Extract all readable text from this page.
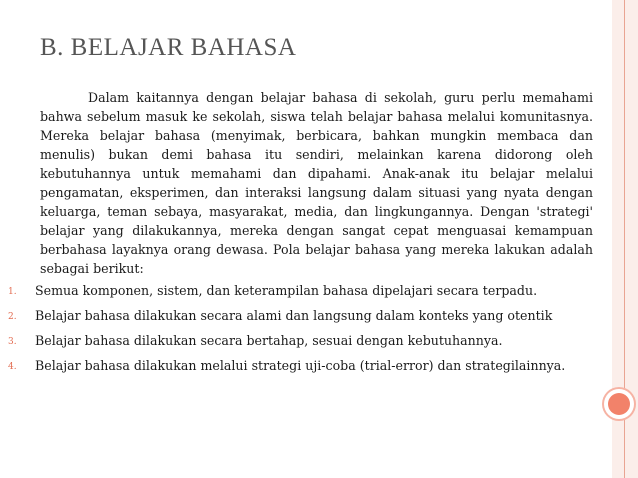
B. BELAJAR BAHASA

Dalam kaitannya dengan belajar bahasa di sekolah, guru perlu memahami bahwa sebelum masuk ke sekolah, siswa telah belajar bahasa melalui komunitasnya. Mereka belajar bahasa (menyimak, berbicara, bahkan mungkin membaca dan menulis) bukan demi bahasa itu sendiri, melainkan karena didorong oleh kebutuhannya untuk memahami dan dipahami. Anak-anak itu belajar melalui pengamatan, eksperimen, dan interaksi langsung dalam situasi yang nyata dengan keluarga, teman sebaya, masyarakat, media, dan lingkungannya. Dengan 'strategi' belajar yang dilakukannya, mereka dengan sangat cepat menguasai kemampuan berbahasa layaknya orang dewasa. Pola belajar bahasa yang mereka lakukan adalah sebagai berikut:

1.	Semua komponen, sistem, dan keterampilan bahasa dipelajari secara terpadu.
2.	Belajar bahasa dilakukan secara alami dan langsung dalam konteks yang otentik
3.	Belajar bahasa dilakukan secara bertahap, sesuai dengan kebutuhannya.
4.	Belajar bahasa dilakukan melalui strategi uji-coba (trial-error) dan strategilainnya.
